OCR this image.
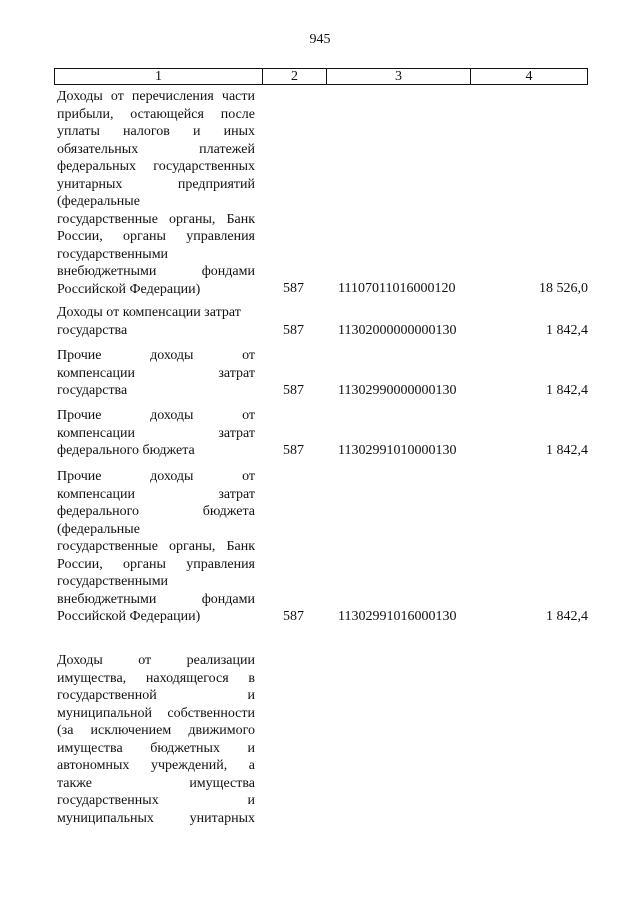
945
1	2	3	4
Доходы от перечисления части
прибыли, остающейся после
уплаты налогов и иных
обязательных платежей
федеральных государственных
унитарных предприятий
(федеральные
государственные органы, Банк
России, органы управления
государственными
внебюджетными фондами
Российской Федерации)	587 11107011016000120	18 526,0
Доходы от компенсации затрат
государства	587 11302000000000130	1 842,4
Прочие доходы от
компенсации затрат
государства	587 11302990000000130	1 842,4
Прочие доходы от
компенсации затрат
федерального бюджета	587 11302991010000130	1 842,4
Прочие доходы от
компенсации затрат
федерального бюджета
(федеральные
государственные органы, Банк
России, органы управления
государственными
внебюджетными фондами
Российской Федерации)	587 11302991016000130	1 842,4
Доходы от реализации
имущества, находящегося в
государственной и
муниципальной собственности
(за исключением движимого
имущества бюджетных и
автономных учреждений, а
также имущества
государственных и
муниципальных унитарных
